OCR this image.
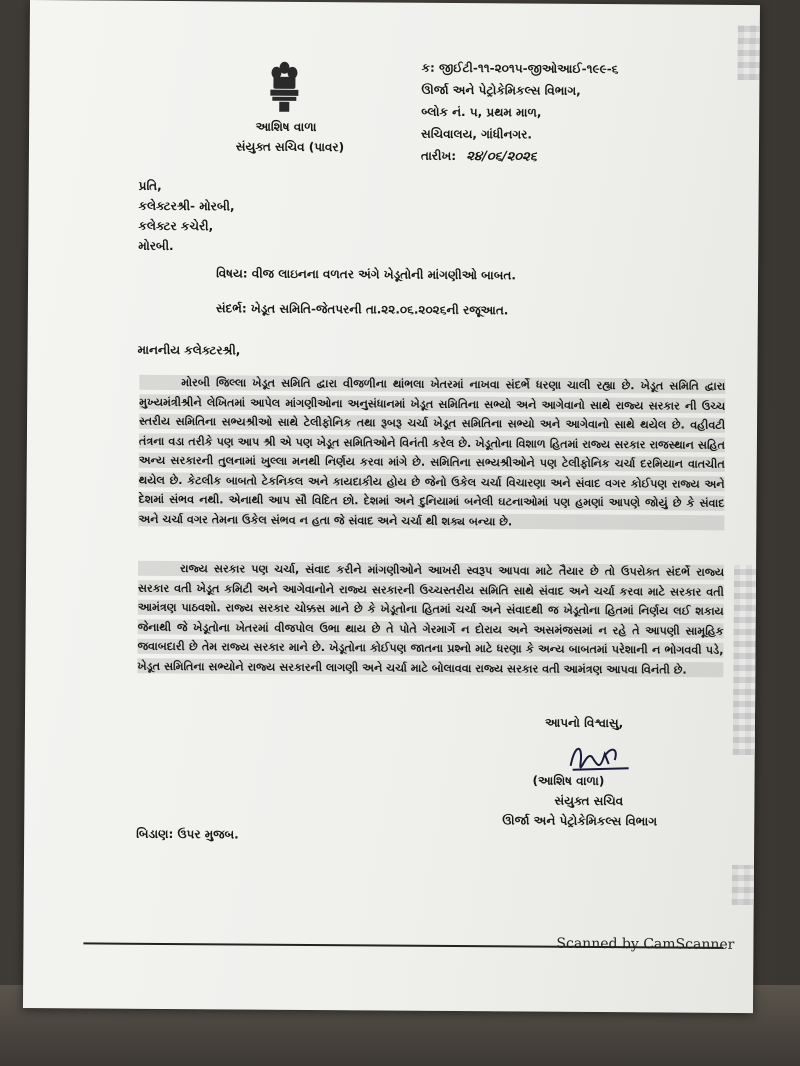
આશિષ વાળા
સંયુક્ત સચિવ (પાવર)
ક: જીઈટી-૧૧-૨૦૧૫-જીઓઆઈ-૧૯૯-૬
ઊર્જા અને પેટ્રોકેમિકલ્સ વિભાગ,
બ્લોક નં. ૫, પ્રથમ માળ,
સચિવાલય, ગાંધીનગર.
તારીખ: ૨૪/૦૬/૨૦૨૬
પ્રતિ,
કલેક્ટરશ્રી- મોરબી,
કલેક્ટર કચેરી,
મોરબી.
વિષય: વીજ લાઇનના વળતર અંગે ખેડૂતોની માંગણીઓ બાબત.
સંદર્ભ: ખેડૂત સમિતિ-જેતપરની તા.૨૨.૦૬.૨૦૨૬ની રજૂઆત.
માનનીય કલેક્ટરશ્રી,

મોરબી જિલ્લા ખેડૂત સમિતિ દ્વારા વીજળીના થાંભલા ખેતરમાં નાખવા સંદર્ભે ધરણા ચાલી રહ્યા છે. ખેડૂત સમિતિ દ્વારા મુખ્યમંત્રીશ્રીને લેખિતમાં આપેલ માંગણીઓના અનુસંધાનમાં ખેડૂત સમિતિના સભ્યો અને આગેવાનો સાથે રાજ્ય સરકાર ની ઉચ્ચ સ્તરીય સમિતિના સભ્યશ્રીઓ સાથે ટેલીફોનિક તથા રૂબરૂ ચર્ચા ખેડૂત સમિતિના સભ્યો અને આગેવાનો સાથે થયેલ છે. વહીવટી તંત્રના વડા તરીકે પણ આપ શ્રી એ પણ ખેડૂત સમિતિઓને વિનંતી કરેલ છે. ખેડૂતોના વિશાળ હિતમાં રાજ્ય સરકાર રાજસ્થાન સહિત અન્ય સરકારની તુલનામાં ખુલ્લા મનથી નિર્ણય કરવા માંગે છે. સમિતિના સભ્યશ્રીઓને પણ ટેલીફોનિક ચર્ચા દરમિયાન વાતચીત થયેલ છે. કેટલીક બાબતો ટેકનિકલ અને કાયદાકીય હોય છે જેનો ઉકેલ ચર્ચા વિચારણા અને સંવાદ વગર કોઈપણ રાજ્ય અને દેશમાં સંભવ નથી. એનાથી આપ સૌ વિદિત છો. દેશમાં અને દુનિયામાં બનેલી ઘટનાઓમાં પણ હમણાં આપણે જોયું છે કે સંવાદ અને ચર્ચા વગર તેમના ઉકેલ સંભવ ન હતા જે સંવાદ અને ચર્ચા થી શક્ય બન્યા છે.

રાજ્ય સરકાર પણ ચર્ચા, સંવાદ કરીને માંગણીઓને આખરી સ્વરૂપ આપવા માટે તૈયાર છે તો ઉપરોક્ત સંદર્ભે રાજ્ય સરકાર વતી ખેડૂત કમિટી અને આગેવાનોને રાજ્ય સરકારની ઉચ્ચસ્તરીય સમિતિ સાથે સંવાદ અને ચર્ચા કરવા માટે સરકાર વતી આમંત્રણ પાઠવશો. રાજ્ય સરકાર ચોક્કસ માને છે કે ખેડૂતોના હિતમાં ચર્ચા અને સંવાદથી જ ખેડૂતોના હિતમાં નિર્ણય લઈ શકાય જેનાથી જે ખેડૂતોના ખેતરમાં વીજપોલ ઉભા થાય છે તે પોતે ગેરમાર્ગે ન દોરાય અને અસમંજસમાં ન રહે તે આપણી સામૂહિક જવાબદારી છે તેમ રાજ્ય સરકાર માને છે. ખેડૂતોના કોઈપણ જાતના પ્રશ્નો માટે ધરણા કે અન્ય બાબતમાં પરેશાની ન ભોગવવી પડે, ખેડૂત સમિતિના સભ્યોને રાજ્ય સરકારની લાગણી અને ચર્ચા માટે બોલાવવા રાજ્ય સરકાર વતી આમંત્રણ આપવા વિનંતી છે.

આપનો વિશ્વાસુ,
(આશિષ વાળા)
સંયુક્ત સચિવ
ઊર્જા અને પેટ્રોકેમિકલ્સ વિભાગ
બિડાણ: ઉપર મુજબ.
Scanned by CamScanner
